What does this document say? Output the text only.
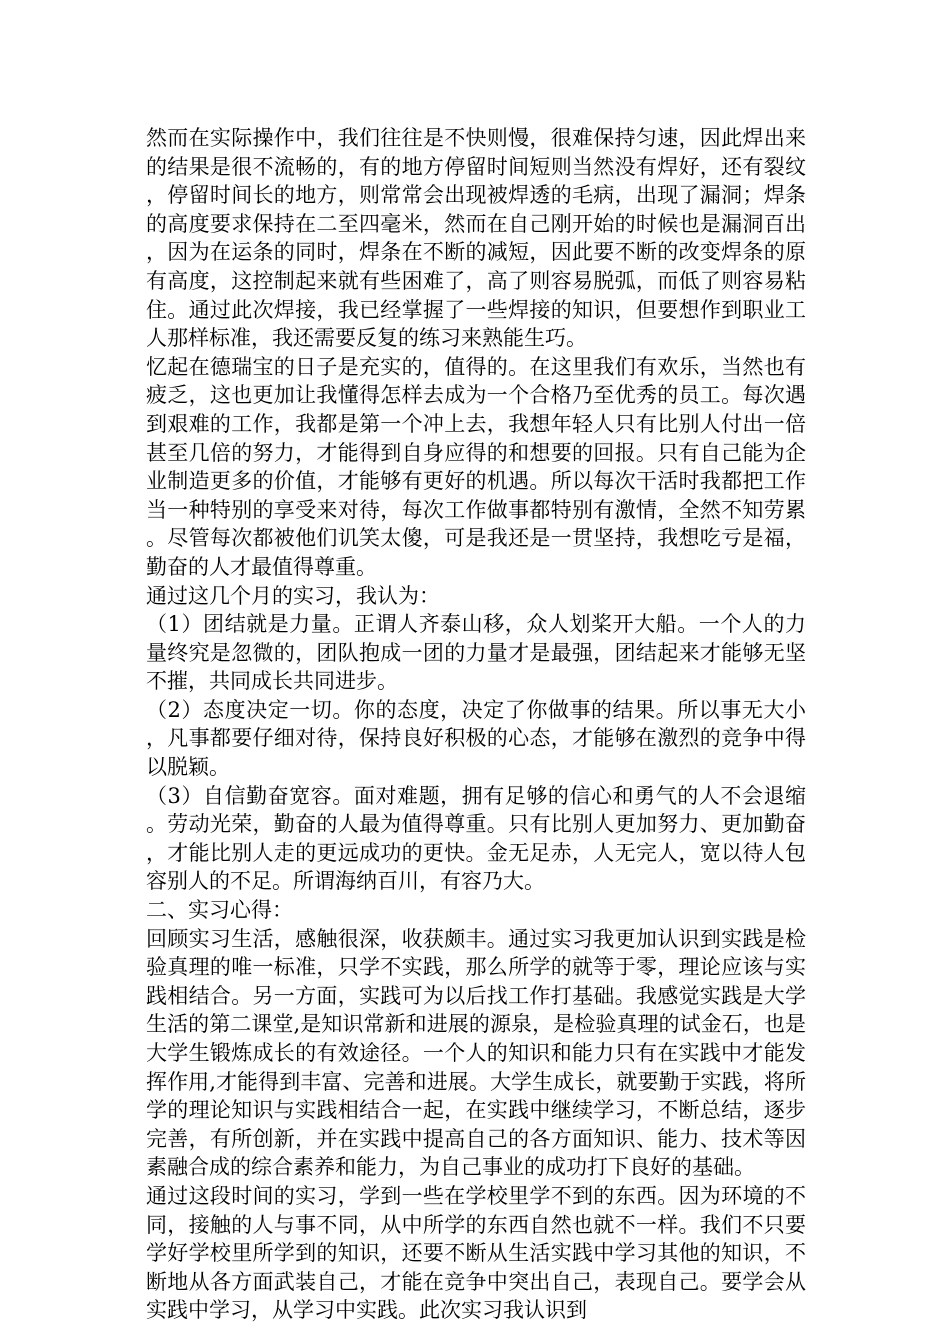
然而在实际操作中，我们往往是不快则慢，很难保持匀速，因此焊出来的结果是很不流畅的，有的地方停留时间短则当然没有焊好，还有裂纹，停留时间长的地方，则常常会出现被焊透的毛病，出现了漏洞；焊条的高度要求保持在二至四毫米，然而在自己刚开始的时候也是漏洞百出，因为在运条的同时，焊条在不断的减短，因此要不断的改变焊条的原有高度，这控制起来就有些困难了，高了则容易脱弧，而低了则容易粘住。通过此次焊接，我已经掌握了一些焊接的知识，但要想作到职业工人那样标准，我还需要反复的练习来熟能生巧。

忆起在德瑞宝的日子是充实的，值得的。在这里我们有欢乐，当然也有疲乏，这也更加让我懂得怎样去成为一个合格乃至优秀的员工。每次遇到艰难的工作，我都是第一个冲上去，我想年轻人只有比别人付出一倍甚至几倍的努力，才能得到自身应得的和想要的回报。只有自己能为企业制造更多的价值，才能够有更好的机遇。所以每次干活时我都把工作当一种特别的享受来对待，每次工作做事都特别有激情，全然不知劳累。尽管每次都被他们讥笑太傻，可是我还是一贯坚持，我想吃亏是福，勤奋的人才最值得尊重。

通过这几个月的实习，我认为：

（1）团结就是力量。正谓人齐泰山移，众人划桨开大船。一个人的力量终究是忽微的，团队抱成一团的力量才是最强，团结起来才能够无坚不摧，共同成长共同进步。

（2）态度决定一切。你的态度，决定了你做事的结果。所以事无大小，凡事都要仔细对待，保持良好积极的心态，才能够在激烈的竞争中得以脱颖。

（3）自信勤奋宽容。面对难题，拥有足够的信心和勇气的人不会退缩。劳动光荣，勤奋的人最为值得尊重。只有比别人更加努力、更加勤奋，才能比别人走的更远成功的更快。金无足赤，人无完人，宽以待人包容别人的不足。所谓海纳百川，有容乃大。

二、实习心得：

回顾实习生活，感触很深，收获颇丰。通过实习我更加认识到实践是检验真理的唯一标准，只学不实践，那么所学的就等于零，理论应该与实践相结合。另一方面，实践可为以后找工作打基础。我感觉实践是大学生活的第二课堂,是知识常新和进展的源泉，是检验真理的试金石，也是大学生锻炼成长的有效途径。一个人的知识和能力只有在实践中才能发挥作用,才能得到丰富、完善和进展。大学生成长，就要勤于实践，将所学的理论知识与实践相结合一起，在实践中继续学习，不断总结，逐步完善，有所创新，并在实践中提高自己的各方面知识、能力、技术等因素融合成的综合素养和能力，为自己事业的成功打下良好的基础。

通过这段时间的实习，学到一些在学校里学不到的东西。因为环境的不同，接触的人与事不同，从中所学的东西自然也就不一样。我们不只要学好学校里所学到的知识，还要不断从生活实践中学习其他的知识，不断地从各方面武装自己，才能在竞争中突出自己，表现自己。要学会从实践中学习，从学习中实践。此次实习我认识到
